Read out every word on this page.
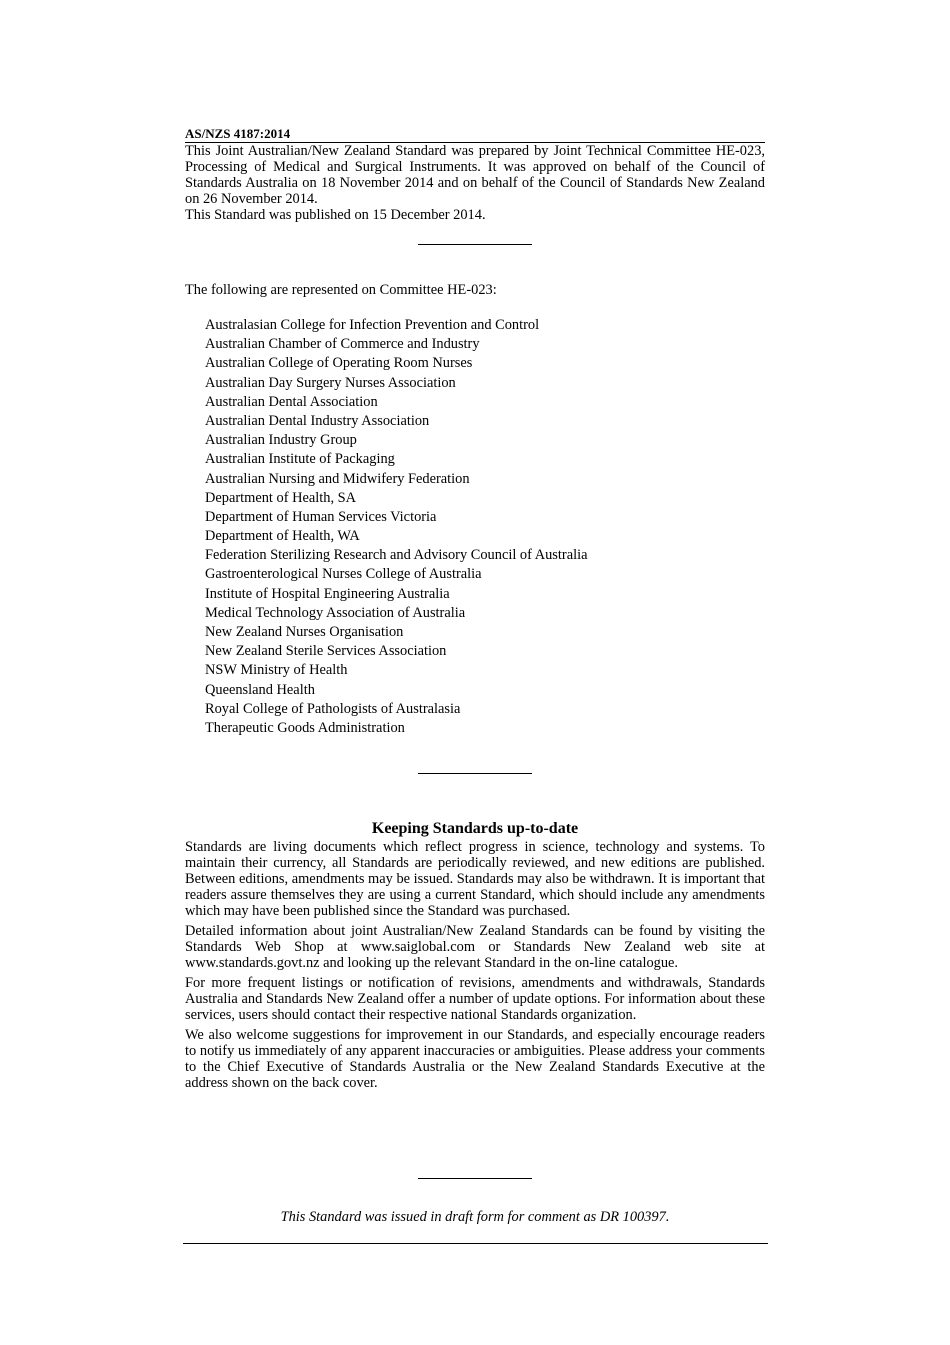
AS/NZS 4187:2014

This Joint Australian/New Zealand Standard was prepared by Joint Technical Committee HE-023, Processing of Medical and Surgical Instruments. It was approved on behalf of the Council of Standards Australia on 18 November 2014 and on behalf of the Council of Standards New Zealand on 26 November 2014.

This Standard was published on 15 December 2014.

The following are represented on Committee HE-023:

Australasian College for Infection Prevention and Control
Australian Chamber of Commerce and Industry
Australian College of Operating Room Nurses
Australian Day Surgery Nurses Association
Australian Dental Association
Australian Dental Industry Association
Australian Industry Group
Australian Institute of Packaging
Australian Nursing and Midwifery Federation
Department of Health, SA
Department of Human Services Victoria
Department of Health, WA
Federation Sterilizing Research and Advisory Council of Australia
Gastroenterological Nurses College of Australia
Institute of Hospital Engineering Australia
Medical Technology Association of Australia
New Zealand Nurses Organisation
New Zealand Sterile Services Association
NSW Ministry of Health
Queensland Health
Royal College of Pathologists of Australasia
Therapeutic Goods Administration
Keeping Standards up-to-date

Standards are living documents which reflect progress in science, technology and systems. To maintain their currency, all Standards are periodically reviewed, and new editions are published. Between editions, amendments may be issued. Standards may also be withdrawn. It is important that readers assure themselves they are using a current Standard, which should include any amendments which may have been published since the Standard was purchased.

Detailed information about joint Australian/New Zealand Standards can be found by visiting the Standards Web Shop at www.saiglobal.com or Standards New Zealand web site at www.standards.govt.nz and looking up the relevant Standard in the on-line catalogue.

For more frequent listings or notification of revisions, amendments and withdrawals, Standards Australia and Standards New Zealand offer a number of update options. For information about these services, users should contact their respective national Standards organization.

We also welcome suggestions for improvement in our Standards, and especially encourage readers to notify us immediately of any apparent inaccuracies or ambiguities. Please address your comments to the Chief Executive of Standards Australia or the New Zealand Standards Executive at the address shown on the back cover.

This Standard was issued in draft form for comment as DR 100397.
